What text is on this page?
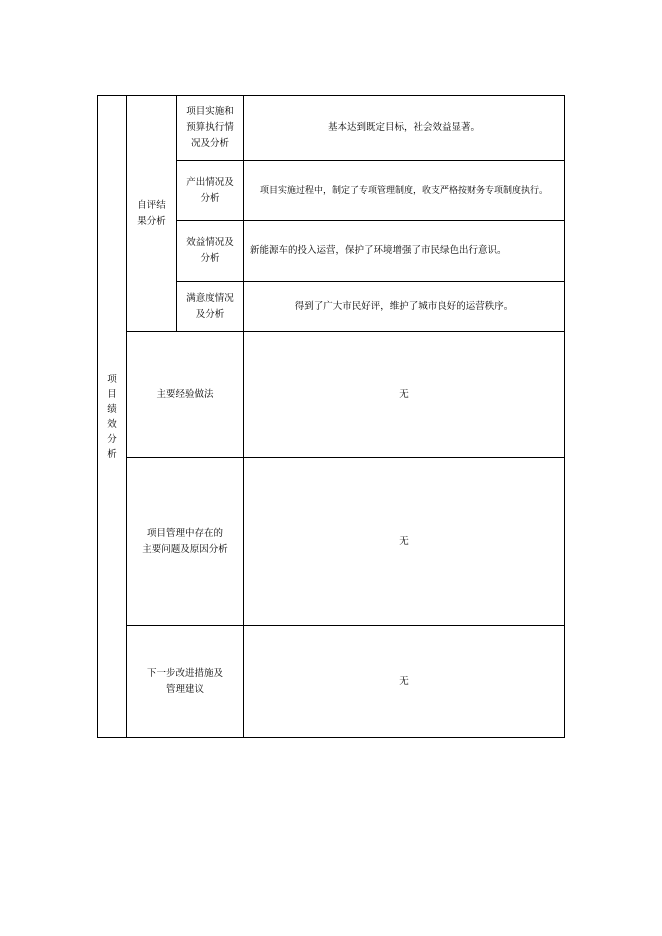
项
目
绩
效
分
析
自评结
果分析
项目实施和
预算执行情
况及分析
基本达到既定目标，社会效益显著。
产出情况及
分析
项目实施过程中，制定了专项管理制度，收支严格按财务专项制度执行。
效益情况及
分析
新能源车的投入运营，保护了环境增强了市民绿色出行意识。
满意度情况
及分析
得到了广大市民好评，维护了城市良好的运营秩序。
主要经验做法	无
项目管理中存在的
主要问题及原因分析
无
下一步改进措施及
管理建议
无
